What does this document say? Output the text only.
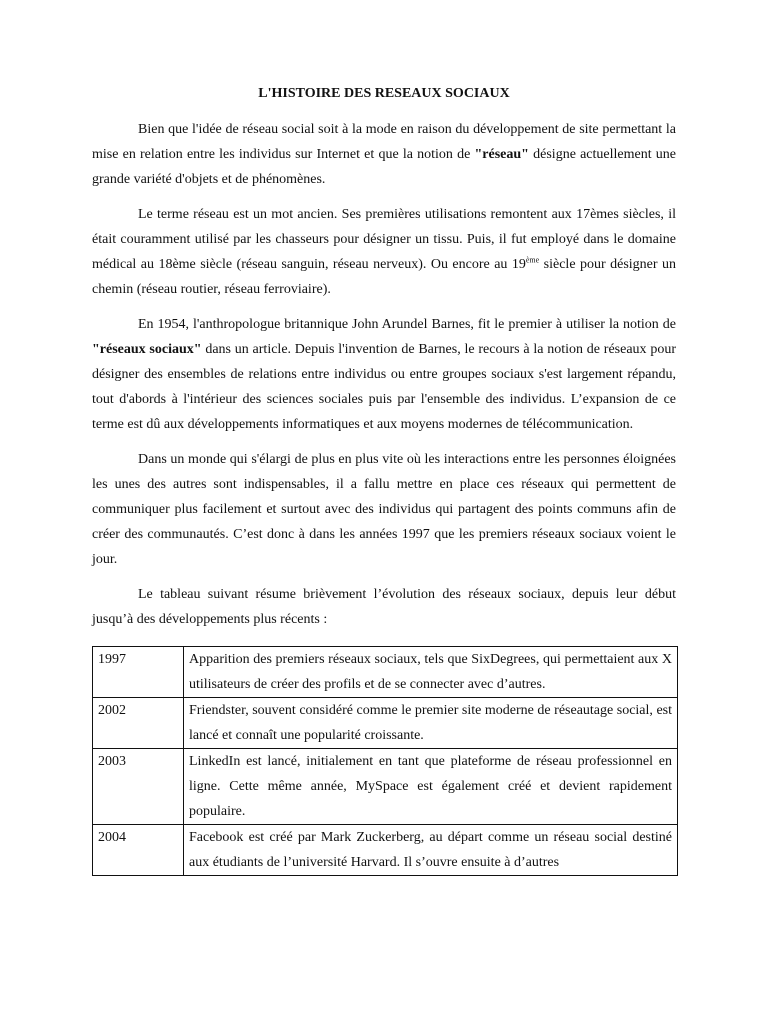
L'HISTOIRE DES RESEAUX SOCIAUX

Bien que l'idée de réseau social soit à la mode en raison du développement de site permettant la mise en relation entre les individus sur Internet et que la notion de "réseau" désigne actuellement une grande variété d'objets et de phénomènes.

Le terme réseau est un mot ancien. Ses premières utilisations remontent aux 17èmes siècles, il était couramment utilisé par les chasseurs pour désigner un tissu. Puis, il fut employé dans le domaine médical au 18ème siècle (réseau sanguin, réseau nerveux). Ou encore au 19ème siècle pour désigner un chemin (réseau routier, réseau ferroviaire).

En 1954, l'anthropologue britannique John Arundel Barnes, fit le premier à utiliser la notion de "réseaux sociaux" dans un article. Depuis l'invention de Barnes, le recours à la notion de réseaux pour désigner des ensembles de relations entre individus ou entre groupes sociaux s'est largement répandu, tout d'abords à l'intérieur des sciences sociales puis par l'ensemble des individus. L’expansion de ce terme est dû aux développements informatiques et aux moyens modernes de télécommunication.

Dans un monde qui s'élargi de plus en plus vite où les interactions entre les personnes éloignées les unes des autres sont indispensables, il a fallu mettre en place ces réseaux qui permettent de communiquer plus facilement et surtout avec des individus qui partagent des points communs afin de créer des communautés. C’est donc à dans les années 1997 que les premiers réseaux sociaux voient le jour.

Le tableau suivant résume brièvement l’évolution des réseaux sociaux, depuis leur début jusqu’à des développements plus récents :

1997	Apparition des premiers réseaux sociaux, tels que SixDegrees, qui permettaient aux X utilisateurs de créer des profils et de se connecter avec d’autres.
2002	Friendster, souvent considéré comme le premier site moderne de réseautage social, est lancé et connaît une popularité croissante.
2003	LinkedIn est lancé, initialement en tant que plateforme de réseau professionnel en ligne. Cette même année, MySpace est également créé et devient rapidement populaire.
2004	Facebook est créé par Mark Zuckerberg, au départ comme un réseau social destiné aux étudiants de l’université Harvard. Il s’ouvre ensuite à d’autres
